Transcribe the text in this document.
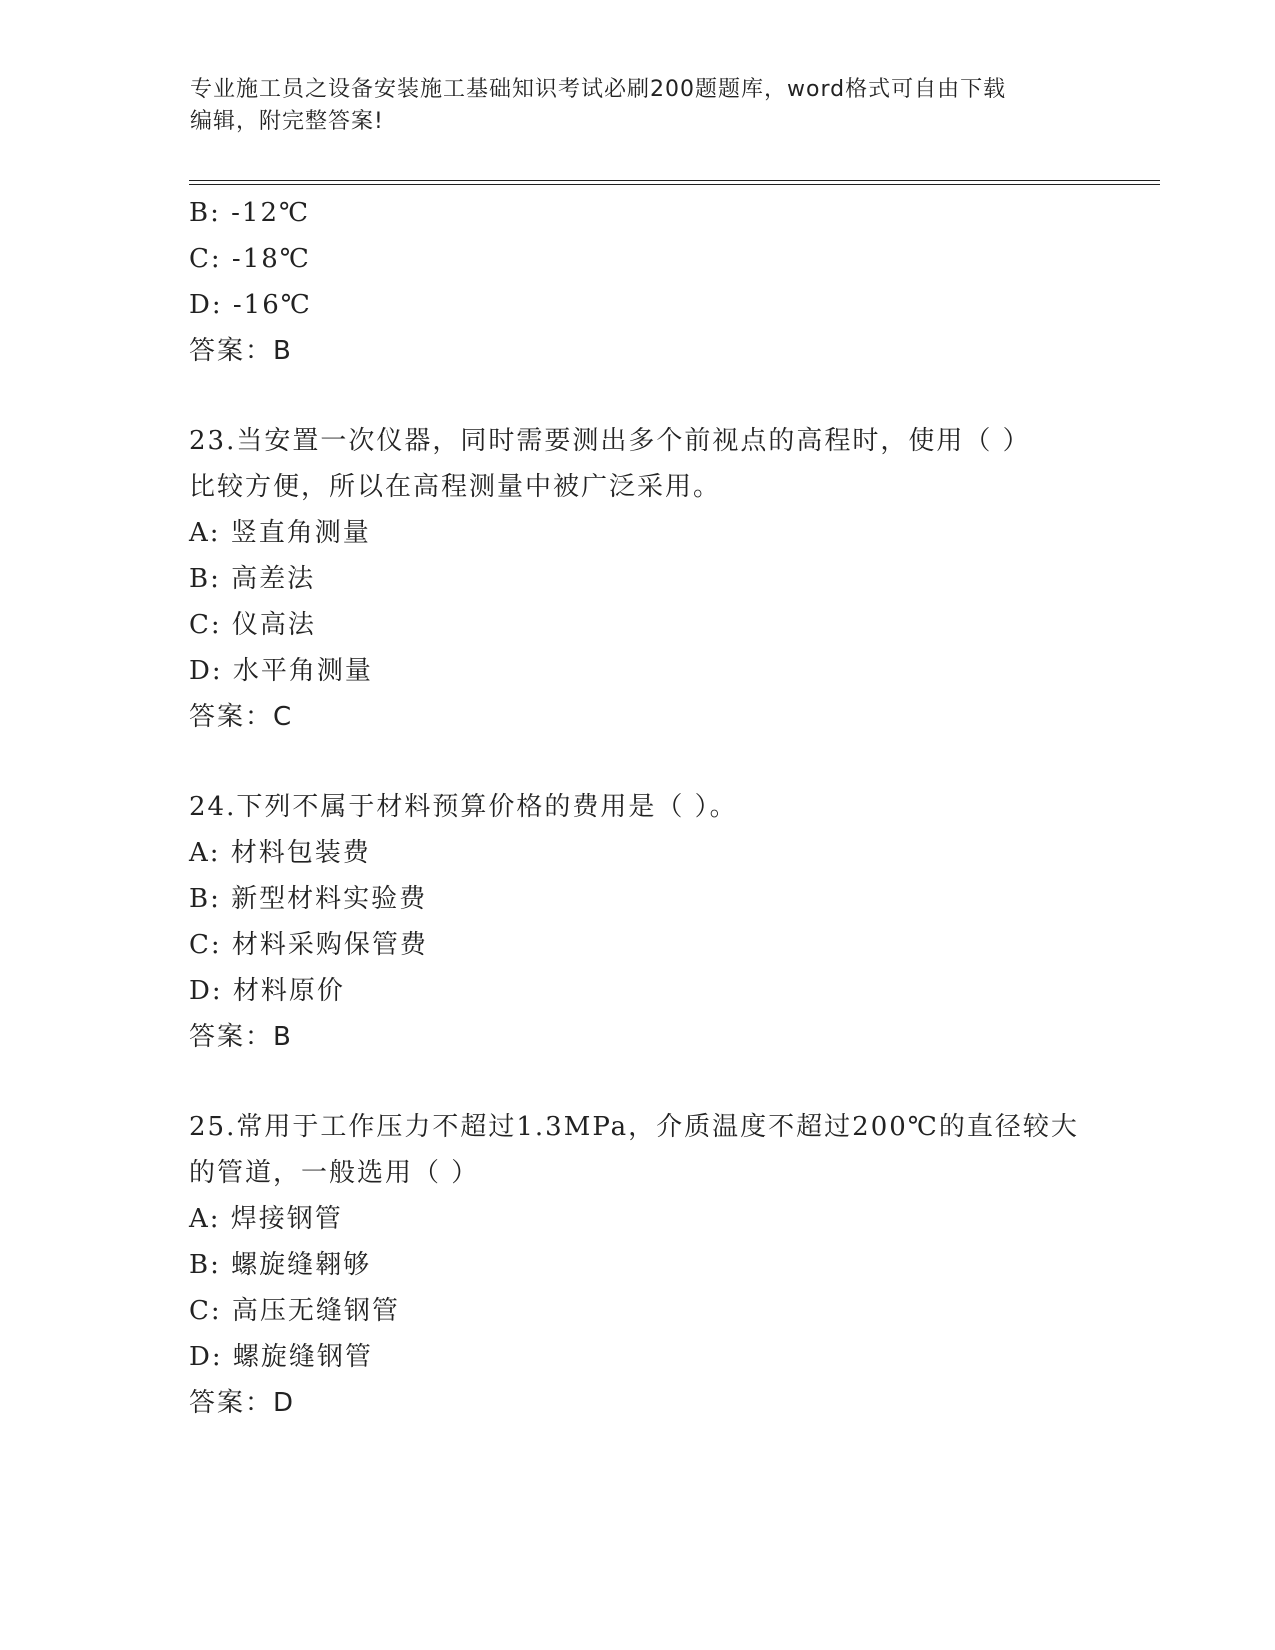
专业施工员之设备安装施工基础知识考试必刷200题题库，word格式可自由下载
编辑，附完整答案!
B: -12℃
C: -18℃
D: -16℃
答案：B
23.当安置一次仪器，同时需要测出多个前视点的高程时，使用（ ）
比较方便，所以在高程测量中被广泛采用。
A: 竖直角测量
B: 高差法
C: 仪高法
D: 水平角测量
答案：C
24.下列不属于材料预算价格的费用是（ ）。
A: 材料包装费
B: 新型材料实验费
C: 材料采购保管费
D: 材料原价
答案：B
25.常用于工作压力不超过1.3MPa，介质温度不超过200℃的直径较大
的管道，一般选用（ ）
A: 焊接钢管
B: 螺旋缝翱够
C: 高压无缝钢管
D: 螺旋缝钢管
答案：D
